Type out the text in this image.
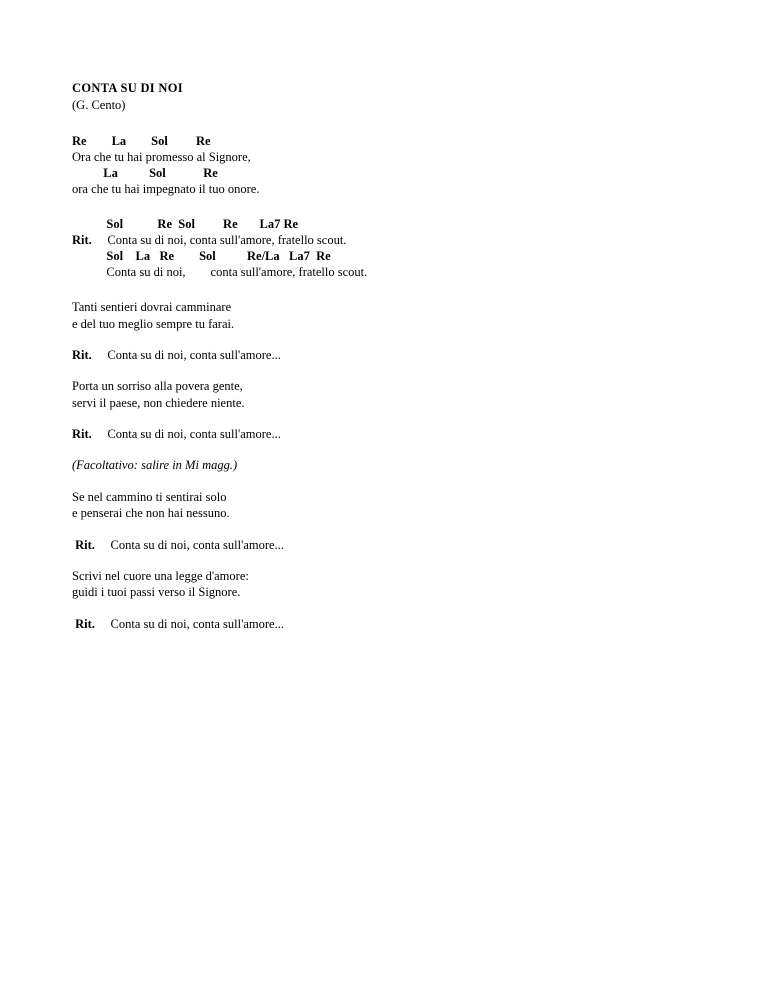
CONTA SU DI NOI

(G. Cento)

Re        La        Sol         Re

Ora che tu hai promesso al Signore,

La          Sol            Re

ora che tu hai impegnato il tuo onore.

Sol           Re  Sol         Re       La7 Re

Rit. Conta su di noi, conta sull'amore, fratello scout.

Sol    La   Re        Sol          Re/La   La7  Re

Conta su di noi,        conta sull'amore, fratello scout.

Tanti sentieri dovrai camminare

e del tuo meglio sempre tu farai.

Rit. Conta su di noi, conta sull'amore...

Porta un sorriso alla povera gente,

servi il paese, non chiedere niente.

Rit. Conta su di noi, conta sull'amore...

(Facoltativo: salire in Mi magg.)

Se nel cammino ti sentirai solo

e penserai che non hai nessuno.

Rit. Conta su di noi, conta sull'amore...

Scrivi nel cuore una legge d'amore:

guidi i tuoi passi verso il Signore.

Rit. Conta su di noi, conta sull'amore...
